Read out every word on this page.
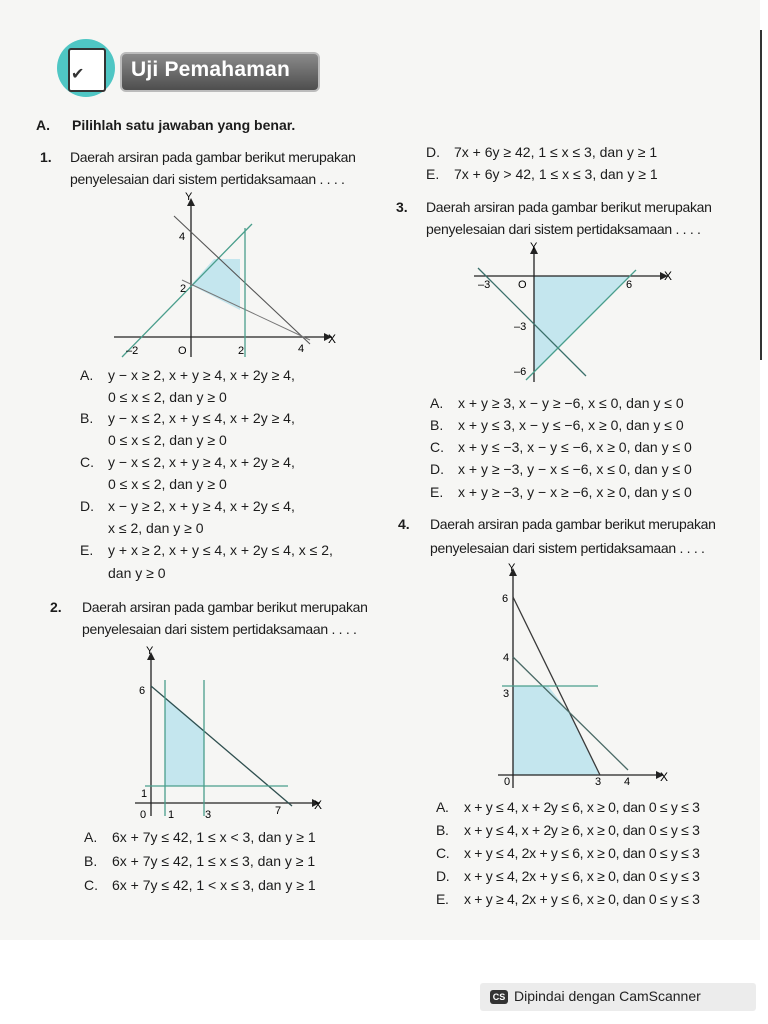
✔ Uji Pemahaman
A. Pilihlah satu jawaban yang benar.
1. Daerah arsiran pada gambar berikut merupakan
penyelesaian dari sistem pertidaksamaan . . . .
Y
X
4
2
–2	O	2	4
A. y − x ≥ 2, x + y ≥ 4, x + 2y ≥ 4,
0 ≤ x ≤ 2, dan y ≥ 0
B. y − x ≤ 2, x + y ≤ 4, x + 2y ≥ 4,
0 ≤ x ≤ 2, dan y ≥ 0
C. y − x ≤ 2, x + y ≥ 4, x + 2y ≥ 4,
0 ≤ x ≤ 2, dan y ≥ 0
D. x − y ≥ 2, x + y ≥ 4, x + 2y ≤ 4,
x ≤ 2, dan y ≥ 0
E. y + x ≥ 2, x + y ≤ 4, x + 2y ≤ 4, x ≤ 2,
dan y ≥ 0
2. Daerah arsiran pada gambar berikut merupakan
penyelesaian dari sistem pertidaksamaan . . . .
Y
X
6
1
0 1	3	7
A. 6x + 7y ≤ 42, 1 ≤ x < 3, dan y ≥ 1
B. 6x + 7y ≤ 42, 1 ≤ x ≤ 3, dan y ≥ 1
C. 6x + 7y ≤ 42, 1 < x ≤ 3, dan y ≥ 1
D. 7x + 6y ≥ 42, 1 ≤ x ≤ 3, dan y ≥ 1
E. 7x + 6y > 42, 1 ≤ x ≤ 3, dan y ≥ 1
3. Daerah arsiran pada gambar berikut merupakan
penyelesaian dari sistem pertidaksamaan . . . .
Y
X
–3	O	6
–3
–6
A. x + y ≥ 3, x − y ≥ −6, x ≤ 0, dan y ≤ 0
B. x + y ≤ 3, x − y ≤ −6, x ≥ 0, dan y ≤ 0
C. x + y ≤ −3, x − y ≤ −6, x ≥ 0, dan y ≤ 0
D. x + y ≥ −3, y − x ≤ −6, x ≤ 0, dan y ≤ 0
E. x + y ≥ −3, y − x ≥ −6, x ≥ 0, dan y ≤ 0
4. Daerah arsiran pada gambar berikut merupakan
penyelesaian dari sistem pertidaksamaan . . . .
Y
X
6
4
3
0	3 4
A. x + y ≤ 4, x + 2y ≤ 6, x ≥ 0, dan 0 ≤ y ≤ 3
B. x + y ≤ 4, x + 2y ≥ 6, x ≥ 0, dan 0 ≤ y ≤ 3
C. x + y ≤ 4, 2x + y ≤ 6, x ≥ 0, dan 0 ≤ y ≤ 3
D. x + y ≤ 4, 2x + y ≤ 6, x ≥ 0, dan 0 ≤ y ≤ 3
E. x + y ≥ 4, 2x + y ≤ 6, x ≥ 0, dan 0 ≤ y ≤ 3
CS Dipindai dengan CamScanner
